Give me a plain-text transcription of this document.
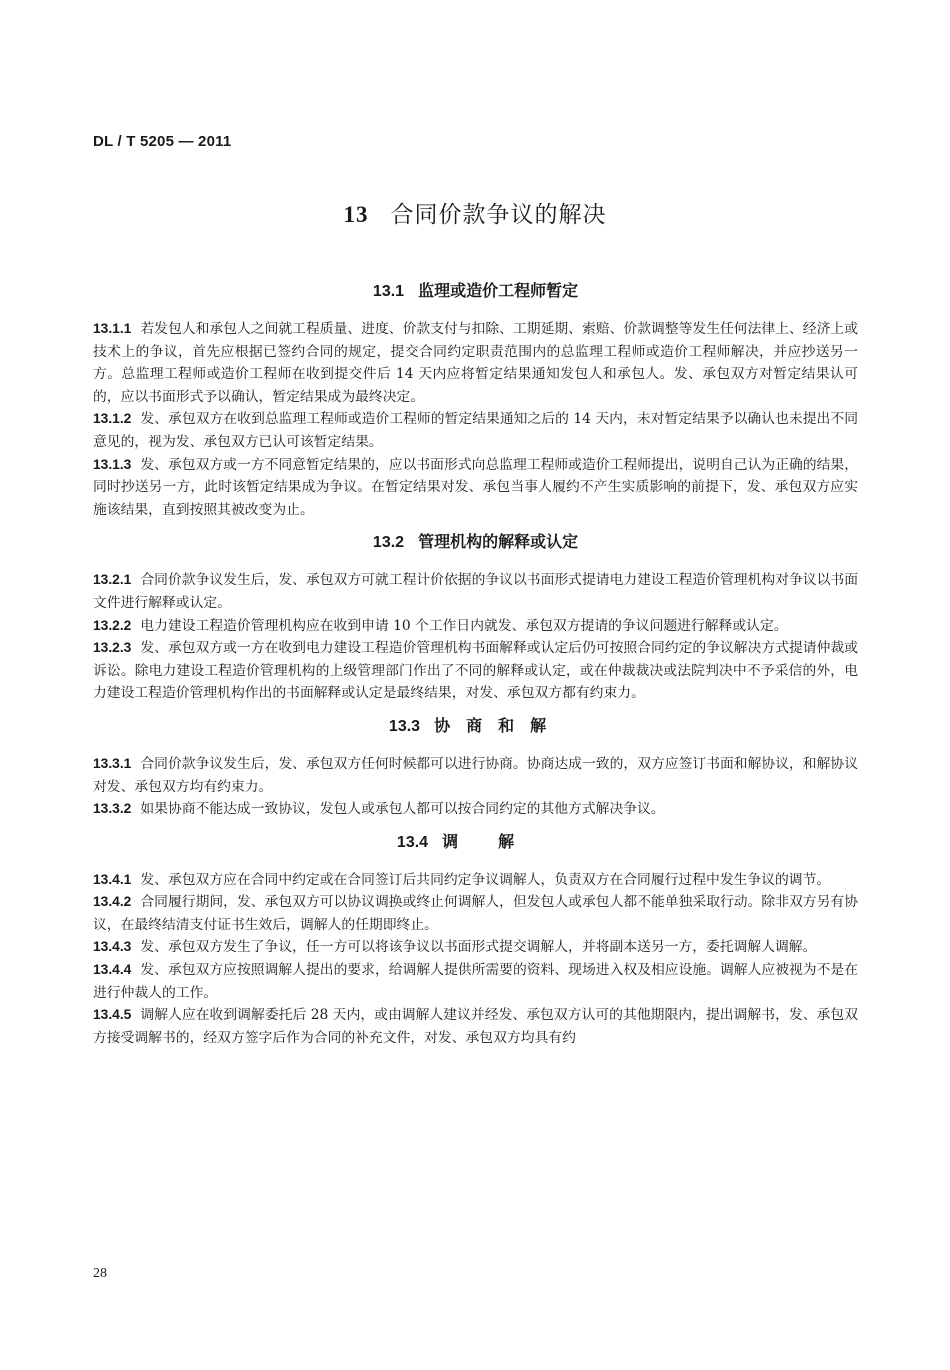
DL / T 5205 — 2011
13 合同价款争议的解决
13.1 监理或造价工程师暂定

13.1.1 若发包人和承包人之间就工程质量、进度、价款支付与扣除、工期延期、索赔、价款调整等发生任何法律上、经济上或技术上的争议，首先应根据已签约合同的规定，提交合同约定职责范围内的总监理工程师或造价工程师解决，并应抄送另一方。总监理工程师或造价工程师在收到提交件后 14 天内应将暂定结果通知发包人和承包人。发、承包双方对暂定结果认可的，应以书面形式予以确认，暂定结果成为最终决定。

13.1.2 发、承包双方在收到总监理工程师或造价工程师的暂定结果通知之后的 14 天内，未对暂定结果予以确认也未提出不同意见的，视为发、承包双方已认可该暂定结果。

13.1.3 发、承包双方或一方不同意暂定结果的，应以书面形式向总监理工程师或造价工程师提出，说明自己认为正确的结果，同时抄送另一方，此时该暂定结果成为争议。在暂定结果对发、承包当事人履约不产生实质影响的前提下，发、承包双方应实施该结果，直到按照其被改变为止。

13.2 管理机构的解释或认定

13.2.1 合同价款争议发生后，发、承包双方可就工程计价依据的争议以书面形式提请电力建设工程造价管理机构对争议以书面文件进行解释或认定。

13.2.2 电力建设工程造价管理机构应在收到申请 10 个工作日内就发、承包双方提请的争议问题进行解释或认定。

13.2.3 发、承包双方或一方在收到电力建设工程造价管理机构书面解释或认定后仍可按照合同约定的争议解决方式提请仲裁或诉讼。除电力建设工程造价管理机构的上级管理部门作出了不同的解释或认定，或在仲裁裁决或法院判决中不予采信的外，电力建设工程造价管理机构作出的书面解释或认定是最终结果，对发、承包双方都有约束力。

13.3 协商和解

13.3.1 合同价款争议发生后，发、承包双方任何时候都可以进行协商。协商达成一致的，双方应签订书面和解协议，和解协议对发、承包双方均有约束力。

13.3.2 如果协商不能达成一致协议，发包人或承包人都可以按合同约定的其他方式解决争议。

13.4 调解

13.4.1 发、承包双方应在合同中约定或在合同签订后共同约定争议调解人，负责双方在合同履行过程中发生争议的调节。

13.4.2 合同履行期间，发、承包双方可以协议调换或终止何调解人，但发包人或承包人都不能单独采取行动。除非双方另有协议，在最终结清支付证书生效后，调解人的任期即终止。

13.4.3 发、承包双方发生了争议，任一方可以将该争议以书面形式提交调解人，并将副本送另一方，委托调解人调解。

13.4.4 发、承包双方应按照调解人提出的要求，给调解人提供所需要的资料、现场进入权及相应设施。调解人应被视为不是在进行仲裁人的工作。

13.4.5 调解人应在收到调解委托后 28 天内，或由调解人建议并经发、承包双方认可的其他期限内，提出调解书，发、承包双方接受调解书的，经双方签字后作为合同的补充文件，对发、承包双方均具有约

28
